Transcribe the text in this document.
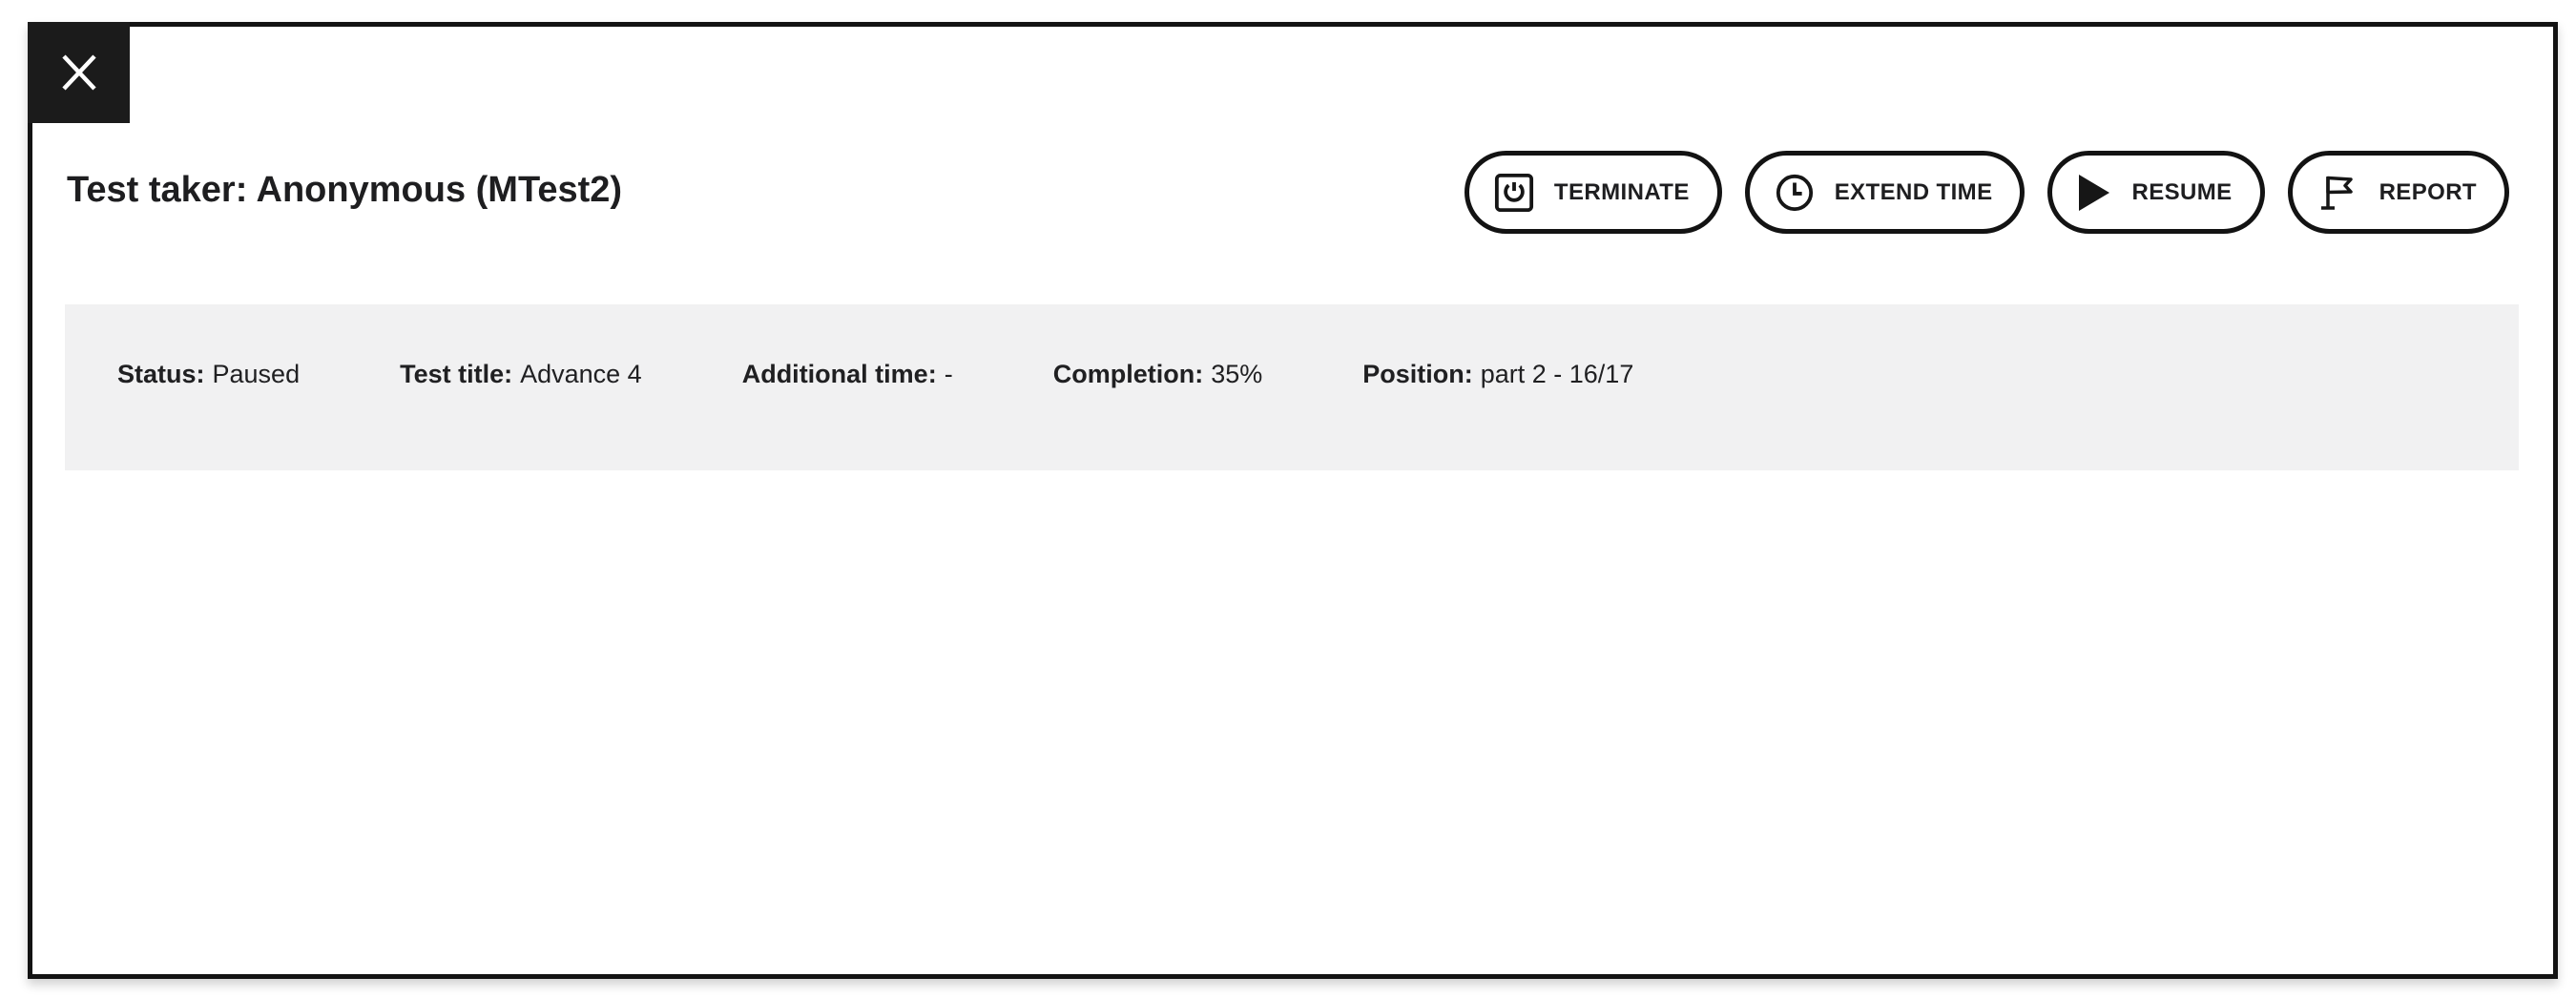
Test taker: Anonymous (MTest2)	TERMINATE	EXTEND TIME	RESUME	REPORT
Status: Paused	Test title: Advance 4	Additional time: -	Completion: 35%	Position: part 2 - 16/17
